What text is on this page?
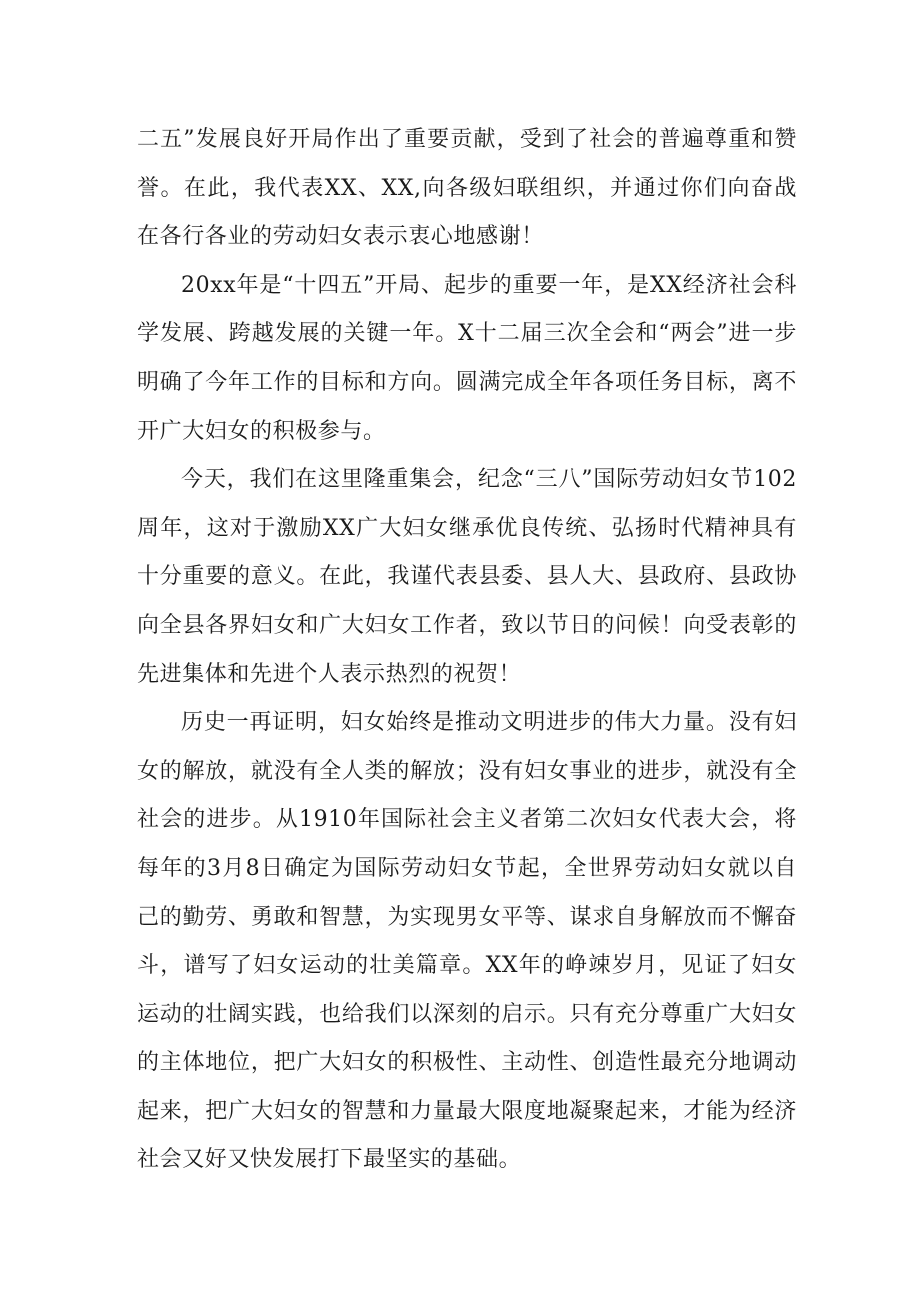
二五”发展良好开局作出了重要贡献，受到了社会的普遍尊重和赞誉。在此，我代表XX、XX,向各级妇联组织，并通过你们向奋战在各行各业的劳动妇女表示衷心地感谢！

20xx年是“十四五”开局、起步的重要一年，是XX经济社会科学发展、跨越发展的关键一年。X十二届三次全会和“两会”进一步明确了今年工作的目标和方向。圆满完成全年各项任务目标，离不开广大妇女的积极参与。

今天，我们在这里隆重集会，纪念“三八”国际劳动妇女节102周年，这对于激励XX广大妇女继承优良传统、弘扬时代精神具有十分重要的意义。在此，我谨代表县委、县人大、县政府、县政协向全县各界妇女和广大妇女工作者，致以节日的问候！向受表彰的先进集体和先进个人表示热烈的祝贺！

历史一再证明，妇女始终是推动文明进步的伟大力量。没有妇女的解放，就没有全人类的解放；没有妇女事业的进步，就没有全社会的进步。从1910年国际社会主义者第二次妇女代表大会，将每年的3月8日确定为国际劳动妇女节起，全世界劳动妇女就以自己的勤劳、勇敢和智慧，为实现男女平等、谋求自身解放而不懈奋斗，谱写了妇女运动的壮美篇章。XX年的峥竦岁月，见证了妇女运动的壮阔实践，也给我们以深刻的启示。只有充分尊重广大妇女的主体地位，把广大妇女的积极性、主动性、创造性最充分地调动起来，把广大妇女的智慧和力量最大限度地凝聚起来，才能为经济社会又好又快发展打下最坚实的基础。
